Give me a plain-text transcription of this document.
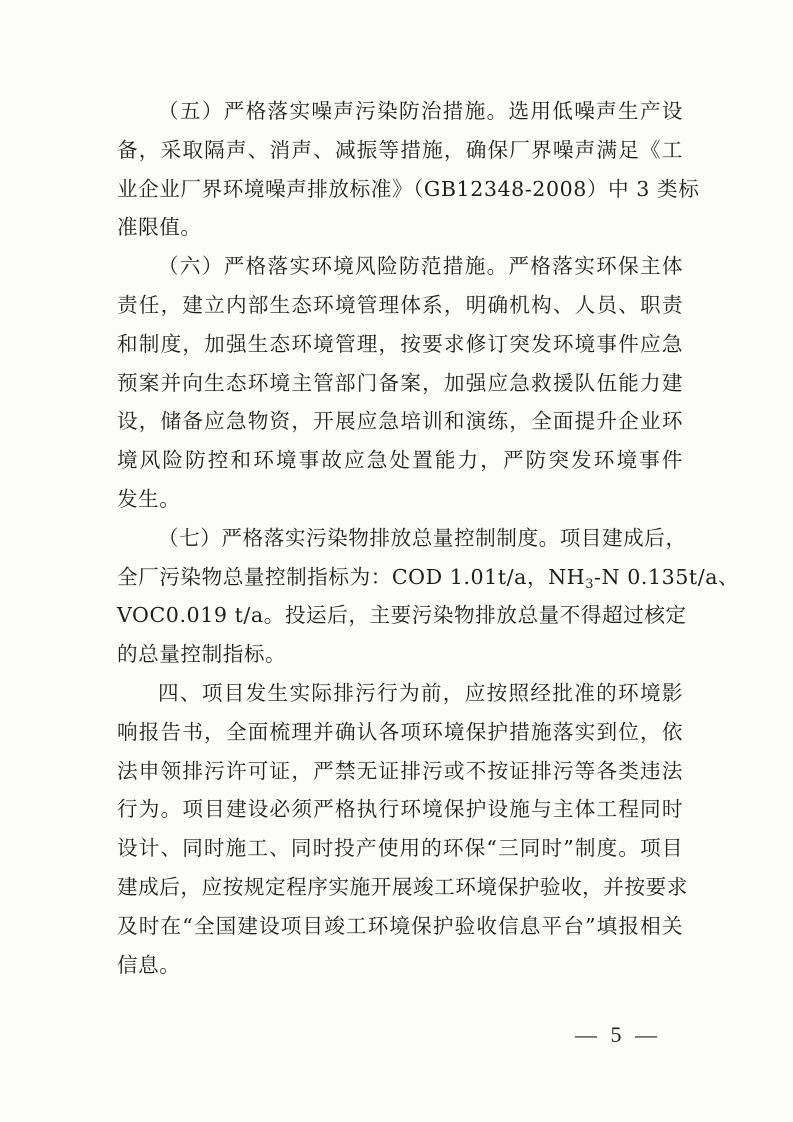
（五）严格落实噪声污染防治措施。选用低噪声生产设
备，采取隔声、消声、减振等措施，确保厂界噪声满足《工
业企业厂界环境噪声排放标准》（GB12348-2008）中 3 类标
准限值。
（六）严格落实环境风险防范措施。严格落实环保主体
责任，建立内部生态环境管理体系，明确机构、人员、职责
和制度，加强生态环境管理，按要求修订突发环境事件应急
预案并向生态环境主管部门备案，加强应急救援队伍能力建
设，储备应急物资，开展应急培训和演练，全面提升企业环
境风险防控和环境事故应急处置能力，严防突发环境事件
发生。
（七）严格落实污染物排放总量控制制度。项目建成后，
全厂污染物总量控制指标为：COD 1.01t/a，$NH_3-N$ 0.135t/a、
VOC0.019 t/a。投运后，主要污染物排放总量不得超过核定
的总量控制指标。
四、项目发生实际排污行为前，应按照经批准的环境影
响报告书，全面梳理并确认各项环境保护措施落实到位，依
法申领排污许可证，严禁无证排污或不按证排污等各类违法
行为。项目建设必须严格执行环境保护设施与主体工程同时
设计、同时施工、同时投产使用的环保“三同时”制度。项目
建成后，应按规定程序实施开展竣工环境保护验收，并按要求
及时在“全国建设项目竣工环境保护验收信息平台”填报相关
信息。
— 5 —
